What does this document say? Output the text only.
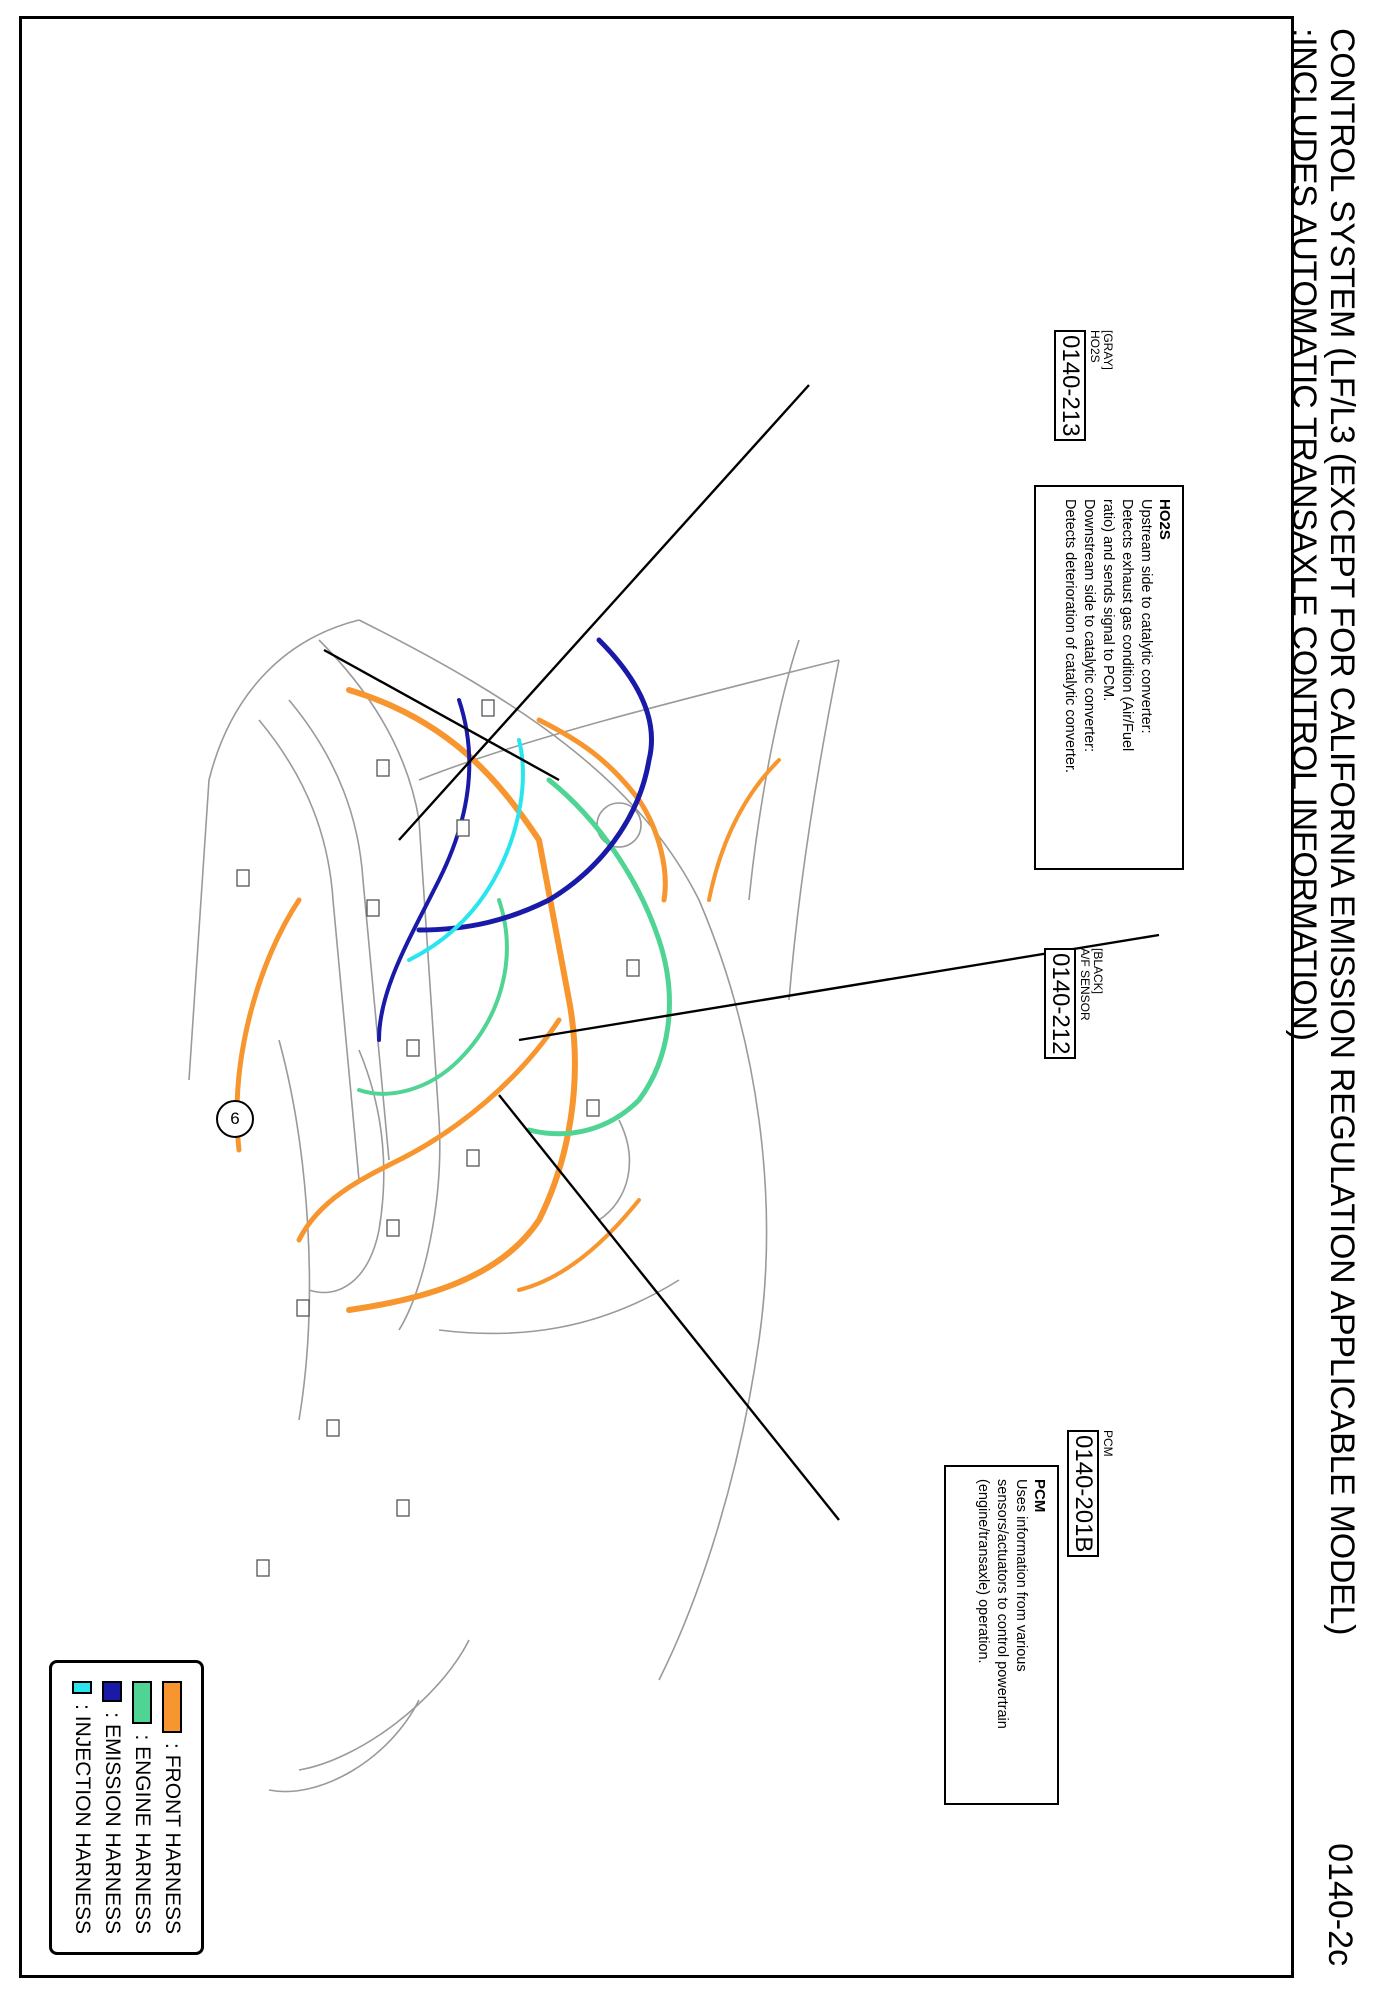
CONTROL SYSTEM (LF/L3 (EXCEPT FOR CALIFORNIA EMISSION REGULATION APPLICABLE MODEL)
:INCLUDES AUTOMATIC TRANSAXLE CONTROL INFORMATION)
0140-2c
HO2S
Upstream side to catalytic converter:
Detects exhaust gas condition (Air/Fuel
ratio) and sends signal to PCM.
Downstream side to catalytic converter:
Detects deterioration of catalytic converter.
[GRAY]
HO2S
0140-213
[BLACK]
A/F SENSOR
0140-212
PCM
0140-201B
PCM
Uses information from various
sensors/actuators to control powertrain
(engine/transaxle) operation.
6
: FRONT HARNESS
: ENGINE HARNESS
: EMISSION HARNESS
: INJECTION HARNESS
